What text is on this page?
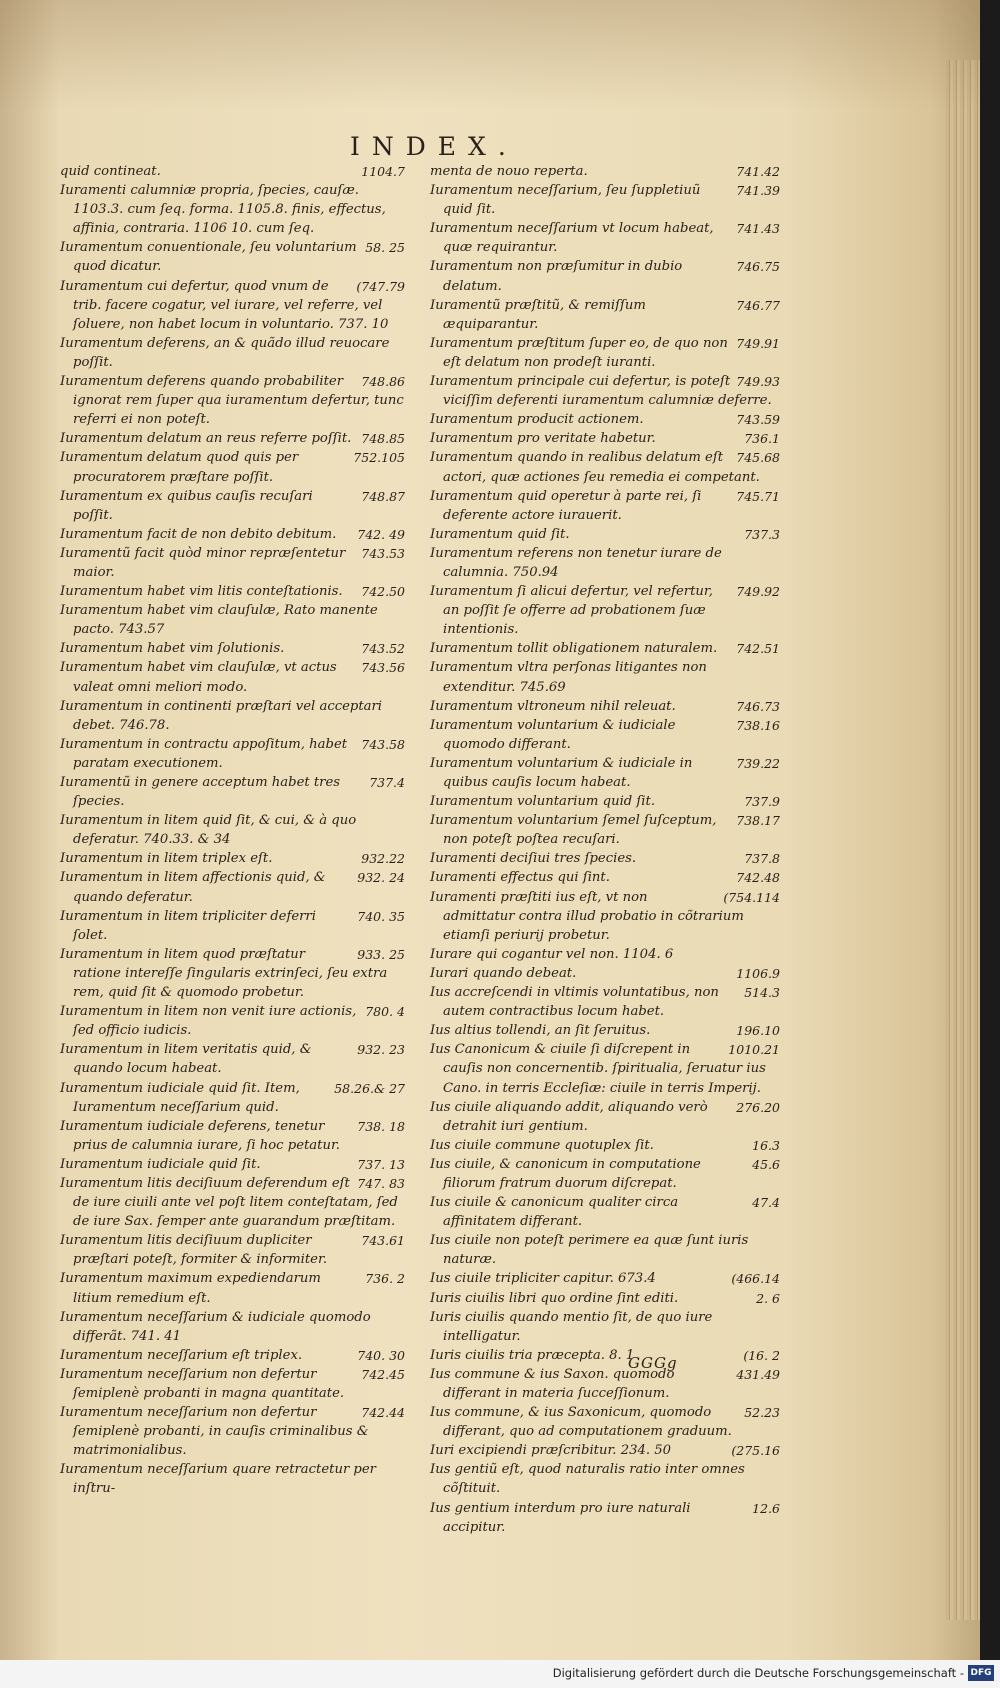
INDEX.
1104.7
quid contineat.
Iuramenti calumniæ propria, ſpecies, cauſæ. 1103.3. cum ſeq. forma. 1105.8. finis, effectus, affinia, contraria. 1106 10. cum ſeq.
58. 25
Iuramentum conuentionale, ſeu voluntarium quod dicatur.
(747.79
Iuramentum cui defertur, quod vnum de trib. facere cogatur, vel iurare, vel referre, vel ſoluere, non habet locum in voluntario. 737. 10
Iuramentum deferens, an & quãdo illud reuocare poſſit.
748.86
Iuramentum deferens quando probabiliter ignorat rem ſuper qua iuramentum defertur, tunc referri ei non poteſt.
748.85
Iuramentum delatum an reus referre poſſit.
752.105
Iuramentum delatum quod quis per procuratorem præſtare poſſit.
748.87
Iuramentum ex quibus cauſis recuſari poſſit.
742. 49
Iuramentum facit de non debito debitum.
743.53
Iuramentũ facit quòd minor repræſentetur maior.
742.50
Iuramentum habet vim litis conteſtationis.
Iuramentum habet vim clauſulæ, Rato manente pacto. 743.57
743.52
Iuramentum habet vim ſolutionis.
743.56
Iuramentum habet vim clauſulæ, vt actus valeat omni meliori modo.
Iuramentum in continenti præſtari vel acceptari debet. 746.78.
743.58
Iuramentum in contractu appoſitum, habet paratam executionem.
737.4
Iuramentũ in genere acceptum habet tres ſpecies.
Iuramentum in litem quid ſit, & cui, & à quo deferatur. 740.33. & 34
932.22
Iuramentum in litem triplex eſt.
932. 24
Iuramentum in litem affectionis quid, & quando deferatur.
740. 35
Iuramentum in litem tripliciter deferri ſolet.
933. 25
Iuramentum in litem quod præſtatur ratione intereſſe ſingularis extrinſeci, ſeu extra rem, quid ſit & quomodo probetur.
780. 4
Iuramentum in litem non venit iure actionis, ſed officio iudicis.
932. 23
Iuramentum in litem veritatis quid, & quando locum habeat.
58.26.& 27
Iuramentum iudiciale quid ſit. Item, Iuramentum neceſſarium quid.
738. 18
Iuramentum iudiciale deferens, tenetur prius de calumnia iurare, ſi hoc petatur.
737. 13
Iuramentum iudiciale quid ſit.
747. 83
Iuramentum litis deciſiuum deferendum eſt de iure ciuili ante vel poſt litem conteſtatam, ſed de iure Sax. ſemper ante guarandum præſtitam.
743.61
Iuramentum litis deciſiuum dupliciter præſtari poteſt, formiter & informiter.
736. 2
Iuramentum maximum expediendarum litium remedium eſt.
Iuramentum neceſſarium & iudiciale quomodo differãt. 741. 41
740. 30
Iuramentum neceſſarium eſt triplex.
742.45
Iuramentum neceſſarium non defertur ſemiplenè probanti in magna quantitate.
742.44
Iuramentum neceſſarium non defertur ſemiplenè probanti, in cauſis criminalibus & matrimonialibus.
Iuramentum neceſſarium quare retractetur per inſtru-
741.42
menta de nouo reperta.
741.39
Iuramentum neceſſarium, ſeu ſuppletiuũ quid ſit.
741.43
Iuramentum neceſſarium vt locum habeat, quæ requirantur.
746.75
Iuramentum non præſumitur in dubio delatum.
746.77
Iuramentũ præſtitũ, & remiſſum æquiparantur.
749.91
Iuramentum præſtitum ſuper eo, de quo non eſt delatum non prodeſt iuranti.
749.93
Iuramentum principale cui defertur, is poteſt viciſſim deferenti iuramentum calumniæ deferre.
743.59
Iuramentum producit actionem.
736.1
Iuramentum pro veritate habetur.
745.68
Iuramentum quando in realibus delatum eſt actori, quæ actiones ſeu remedia ei competant.
745.71
Iuramentum quid operetur à parte rei, ſi deferente actore iurauerit.
737.3
Iuramentum quid ſit.
Iuramentum referens non tenetur iurare de calumnia. 750.94
749.92
Iuramentum ſi alicui defertur, vel refertur, an poſſit ſe offerre ad probationem ſuæ intentionis.
742.51
Iuramentum tollit obligationem naturalem.
Iuramentum vltra perſonas litigantes non extenditur. 745.69
746.73
Iuramentum vltroneum nihil releuat.
738.16
Iuramentum voluntarium & iudiciale quomodo differant.
739.22
Iuramentum voluntarium & iudiciale in quibus cauſis locum habeat.
737.9
Iuramentum voluntarium quid ſit.
738.17
Iuramentum voluntarium ſemel ſuſceptum, non poteſt poſtea recuſari.
737.8
Iuramenti deciſiui tres ſpecies.
742.48
Iuramenti effectus qui ſint.
(754.114
Iuramenti præſtiti ius eſt, vt non admittatur contra illud probatio in cõtrarium etiamſi periurij probetur.
Iurare qui cogantur vel non. 1104. 6
1106.9
Iurari quando debeat.
514.3
Ius accreſcendi in vltimis voluntatibus, non autem contractibus locum habet.
196.10
Ius altius tollendi, an ſit ſeruitus.
1010.21
Ius Canonicum & ciuile ſi diſcrepent in cauſis non concernentib. ſpiritualia, ſeruatur ius Cano. in terris Eccleſiæ: ciuile in terris Imperij.
276.20
Ius ciuile aliquando addit, aliquando verò detrahit iuri gentium.
16.3
Ius ciuile commune quotuplex ſit.
45.6
Ius ciuile, & canonicum in computatione filiorum fratrum duorum diſcrepat.
47.4
Ius ciuile & canonicum qualiter circa affinitatem differant.
Ius ciuile non poteſt perimere ea quæ ſunt iuris naturæ.
(466.14
Ius ciuile tripliciter capitur. 673.4
2. 6
Iuris ciuilis libri quo ordine ſint editi.
Iuris ciuilis quando mentio ſit, de quo iure intelligatur.
(16. 2
Iuris ciuilis tria præcepta. 8. 1
431.49
Ius commune & ius Saxon. quomodo differant in materia ſucceſſionum.
52.23
Ius commune, & ius Saxonicum, quomodo differant, quo ad computationem graduum.
(275.16
Iuri excipiendi præſcribitur. 234. 50
Ius gentiũ eſt, quod naturalis ratio inter omnes cõſtituit.
12.6
Ius gentium interdum pro iure naturali accipitur.
GGGg
Digitalisierung gefördert durch die Deutsche Forschungsgemeinschaft - DFG
